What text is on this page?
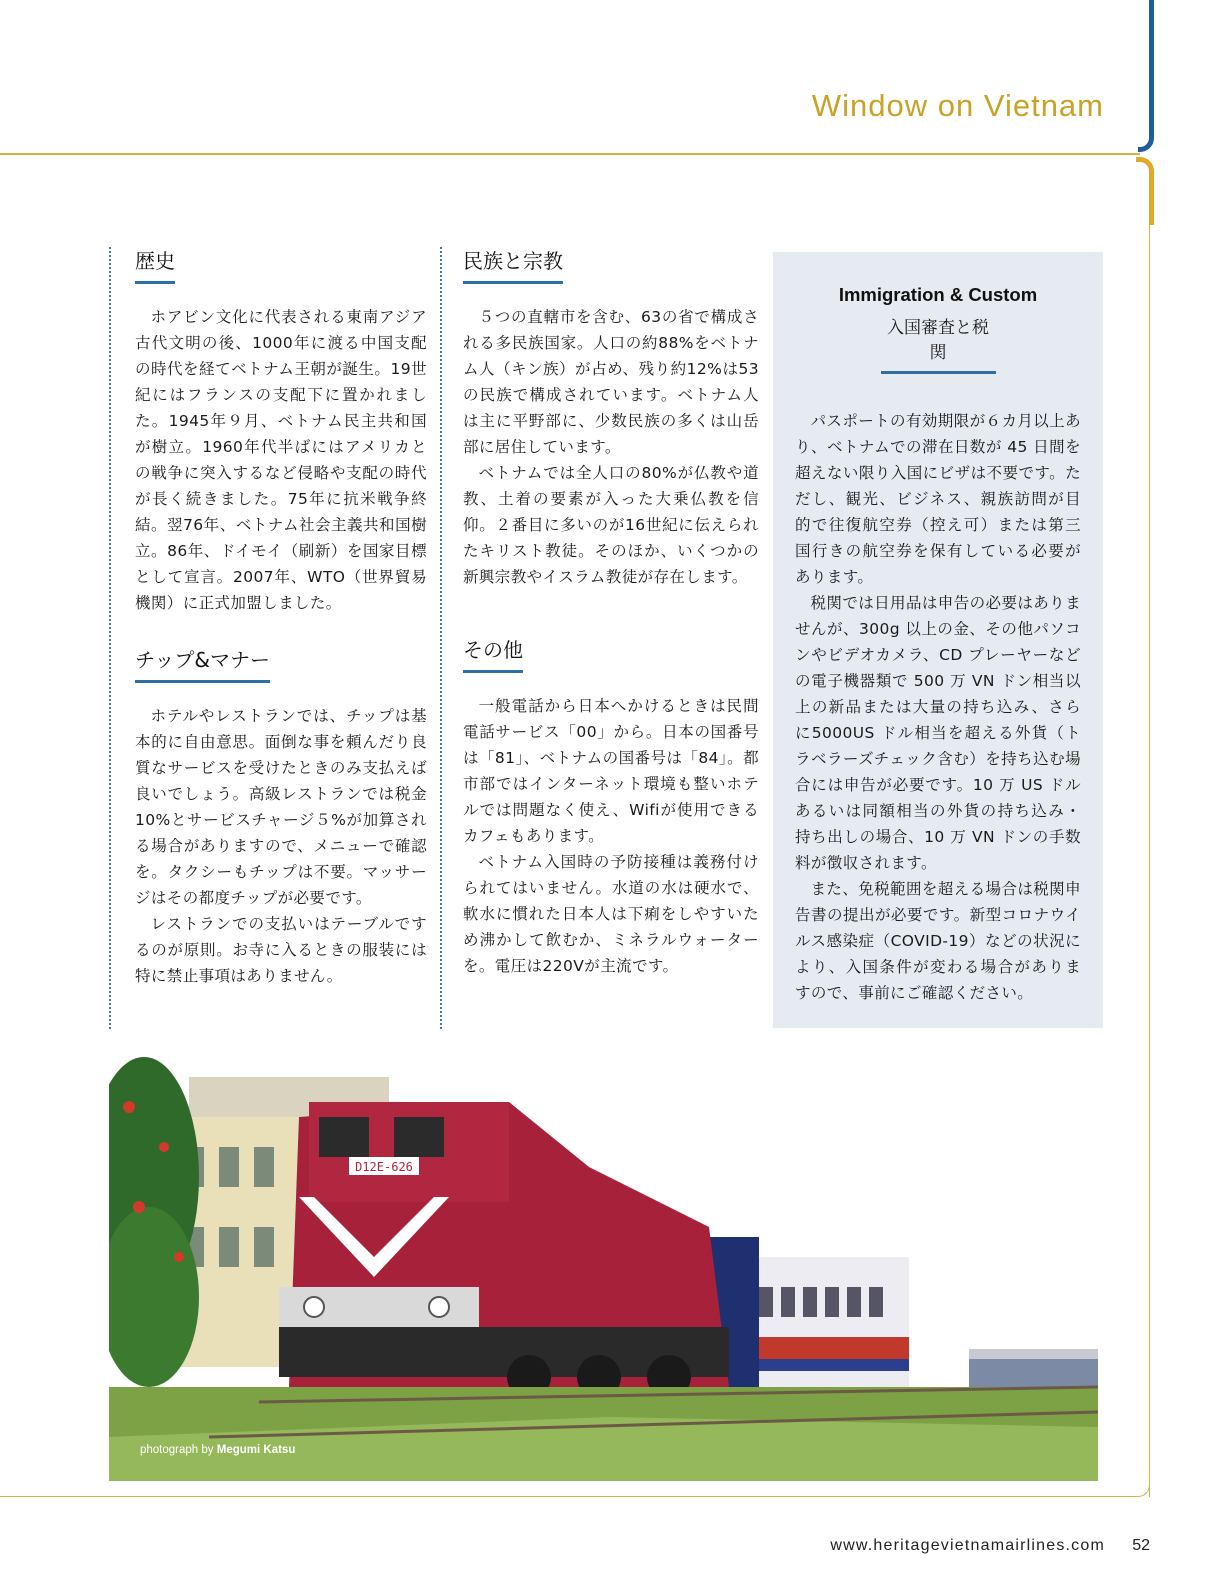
Window on Vietnam
歴史

ホアビン文化に代表される東南アジア古代文明の後、1000年に渡る中国支配の時代を経てベトナム王朝が誕生。19世紀にはフランスの支配下に置かれました。1945年９月、ベトナム民主共和国が樹立。1960年代半ばにはアメリカとの戦争に突入するなど侵略や支配の時代が長く続きました。75年に抗米戦争終結。翌76年、ベトナム社会主義共和国樹立。86年、ドイモイ（刷新）を国家目標として宣言。2007年、WTO（世界貿易機関）に正式加盟しました。

チップ&マナー

ホテルやレストランでは、チップは基本的に自由意思。面倒な事を頼んだり良質なサービスを受けたときのみ支払えば良いでしょう。高級レストランでは税金10%とサービスチャージ５%が加算される場合がありますので、メニューで確認を。タクシーもチップは不要。マッサージはその都度チップが必要です。

レストランでの支払いはテーブルでするのが原則。お寺に入るときの服装には特に禁止事項はありません。

民族と宗教

５つの直轄市を含む、63の省で構成される多民族国家。人口の約88%をベトナム人（キン族）が占め、残り約12%は53の民族で構成されています。ベトナム人は主に平野部に、少数民族の多くは山岳部に居住しています。

ベトナムでは全人口の80%が仏教や道教、土着の要素が入った大乗仏教を信仰。２番目に多いのが16世紀に伝えられたキリスト教徒。そのほか、いくつかの新興宗教やイスラム教徒が存在します。

その他

一般電話から日本へかけるときは民間電話サービス「00」から。日本の国番号は「81」、ベトナムの国番号は「84」。都市部ではインターネット環境も整いホテルでは問題なく使え、Wifiが使用できるカフェもあります。

ベトナム入国時の予防接種は義務付けられてはいません。水道の水は硬水で、軟水に慣れた日本人は下痢をしやすいため沸かして飲むか、ミネラルウォーターを。電圧は220Vが主流です。

Immigration & Custom
入国審査と税関

パスポートの有効期限が６カ月以上あり、ベトナムでの滞在日数が 45 日間を超えない限り入国にビザは不要です。ただし、観光、ビジネス、親族訪問が目的で往復航空券（控え可）または第三国行きの航空券を保有している必要があります。

税関では日用品は申告の必要はありませんが、300g 以上の金、その他パソコンやビデオカメラ、CD プレーヤーなどの電子機器類で 500 万 VN ドン相当以上の新品または大量の持ち込み、さらに5000US ドル相当を超える外貨（トラベラーズチェック含む）を持ち込む場合には申告が必要です。10 万 US ドルあるいは同額相当の外貨の持ち込み・持ち出しの場合、10 万 VN ドンの手数料が徴収されます。

また、免税範囲を超える場合は税関申告書の提出が必要です。新型コロナウイルス感染症（COVID-19）などの状況により、入国条件が変わる場合がありますので、事前にご確認ください。

D12E-626
photograph by Megumi Katsu
www.heritagevietnamairlines.com 52
